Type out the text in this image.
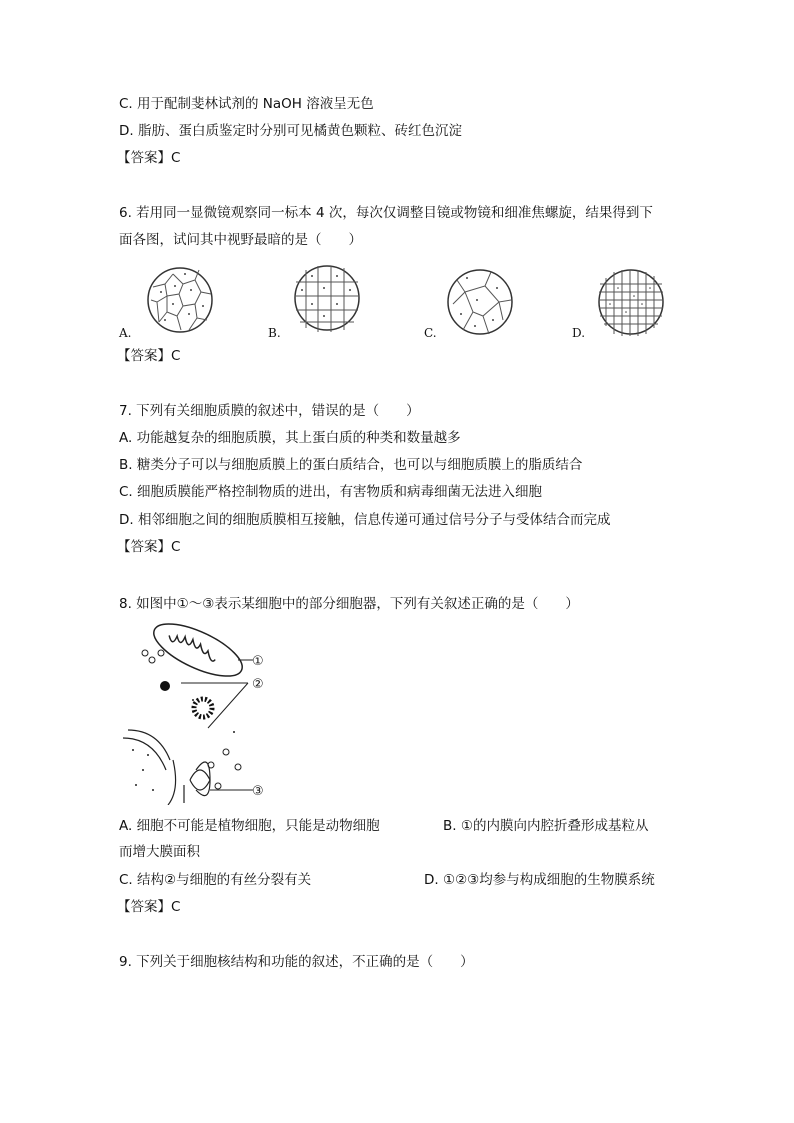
C. 用于配制斐林试剂的 NaOH 溶液呈无色
D. 脂肪、蛋白质鉴定时分别可见橘黄色颗粒、砖红色沉淀
【答案】C
6. 若用同一显微镜观察同一标本 4 次，每次仅调整目镜或物镜和细准焦螺旋，结果得到下
面各图，试问其中视野最暗的是（　　）
A.	B.	C.	D.
【答案】C
7. 下列有关细胞质膜的叙述中，错误的是（　　）
A. 功能越复杂的细胞质膜，其上蛋白质的种类和数量越多
B. 糖类分子可以与细胞质膜上的蛋白质结合，也可以与细胞质膜上的脂质结合
C. 细胞质膜能严格控制物质的进出，有害物质和病毒细菌无法进入细胞
D. 相邻细胞之间的细胞质膜相互接触，信息传递可通过信号分子与受体结合而完成
【答案】C
8. 如图中①～③表示某细胞中的部分细胞器，下列有关叙述正确的是（　　）
①
②
③
A. 细胞不可能是植物细胞，只能是动物细胞	B. ①的内膜向内腔折叠形成基粒从
而增大膜面积
C. 结构②与细胞的有丝分裂有关	D. ①②③均参与构成细胞的生物膜系统
【答案】C
9. 下列关于细胞核结构和功能的叙述，不正确的是（　　）
